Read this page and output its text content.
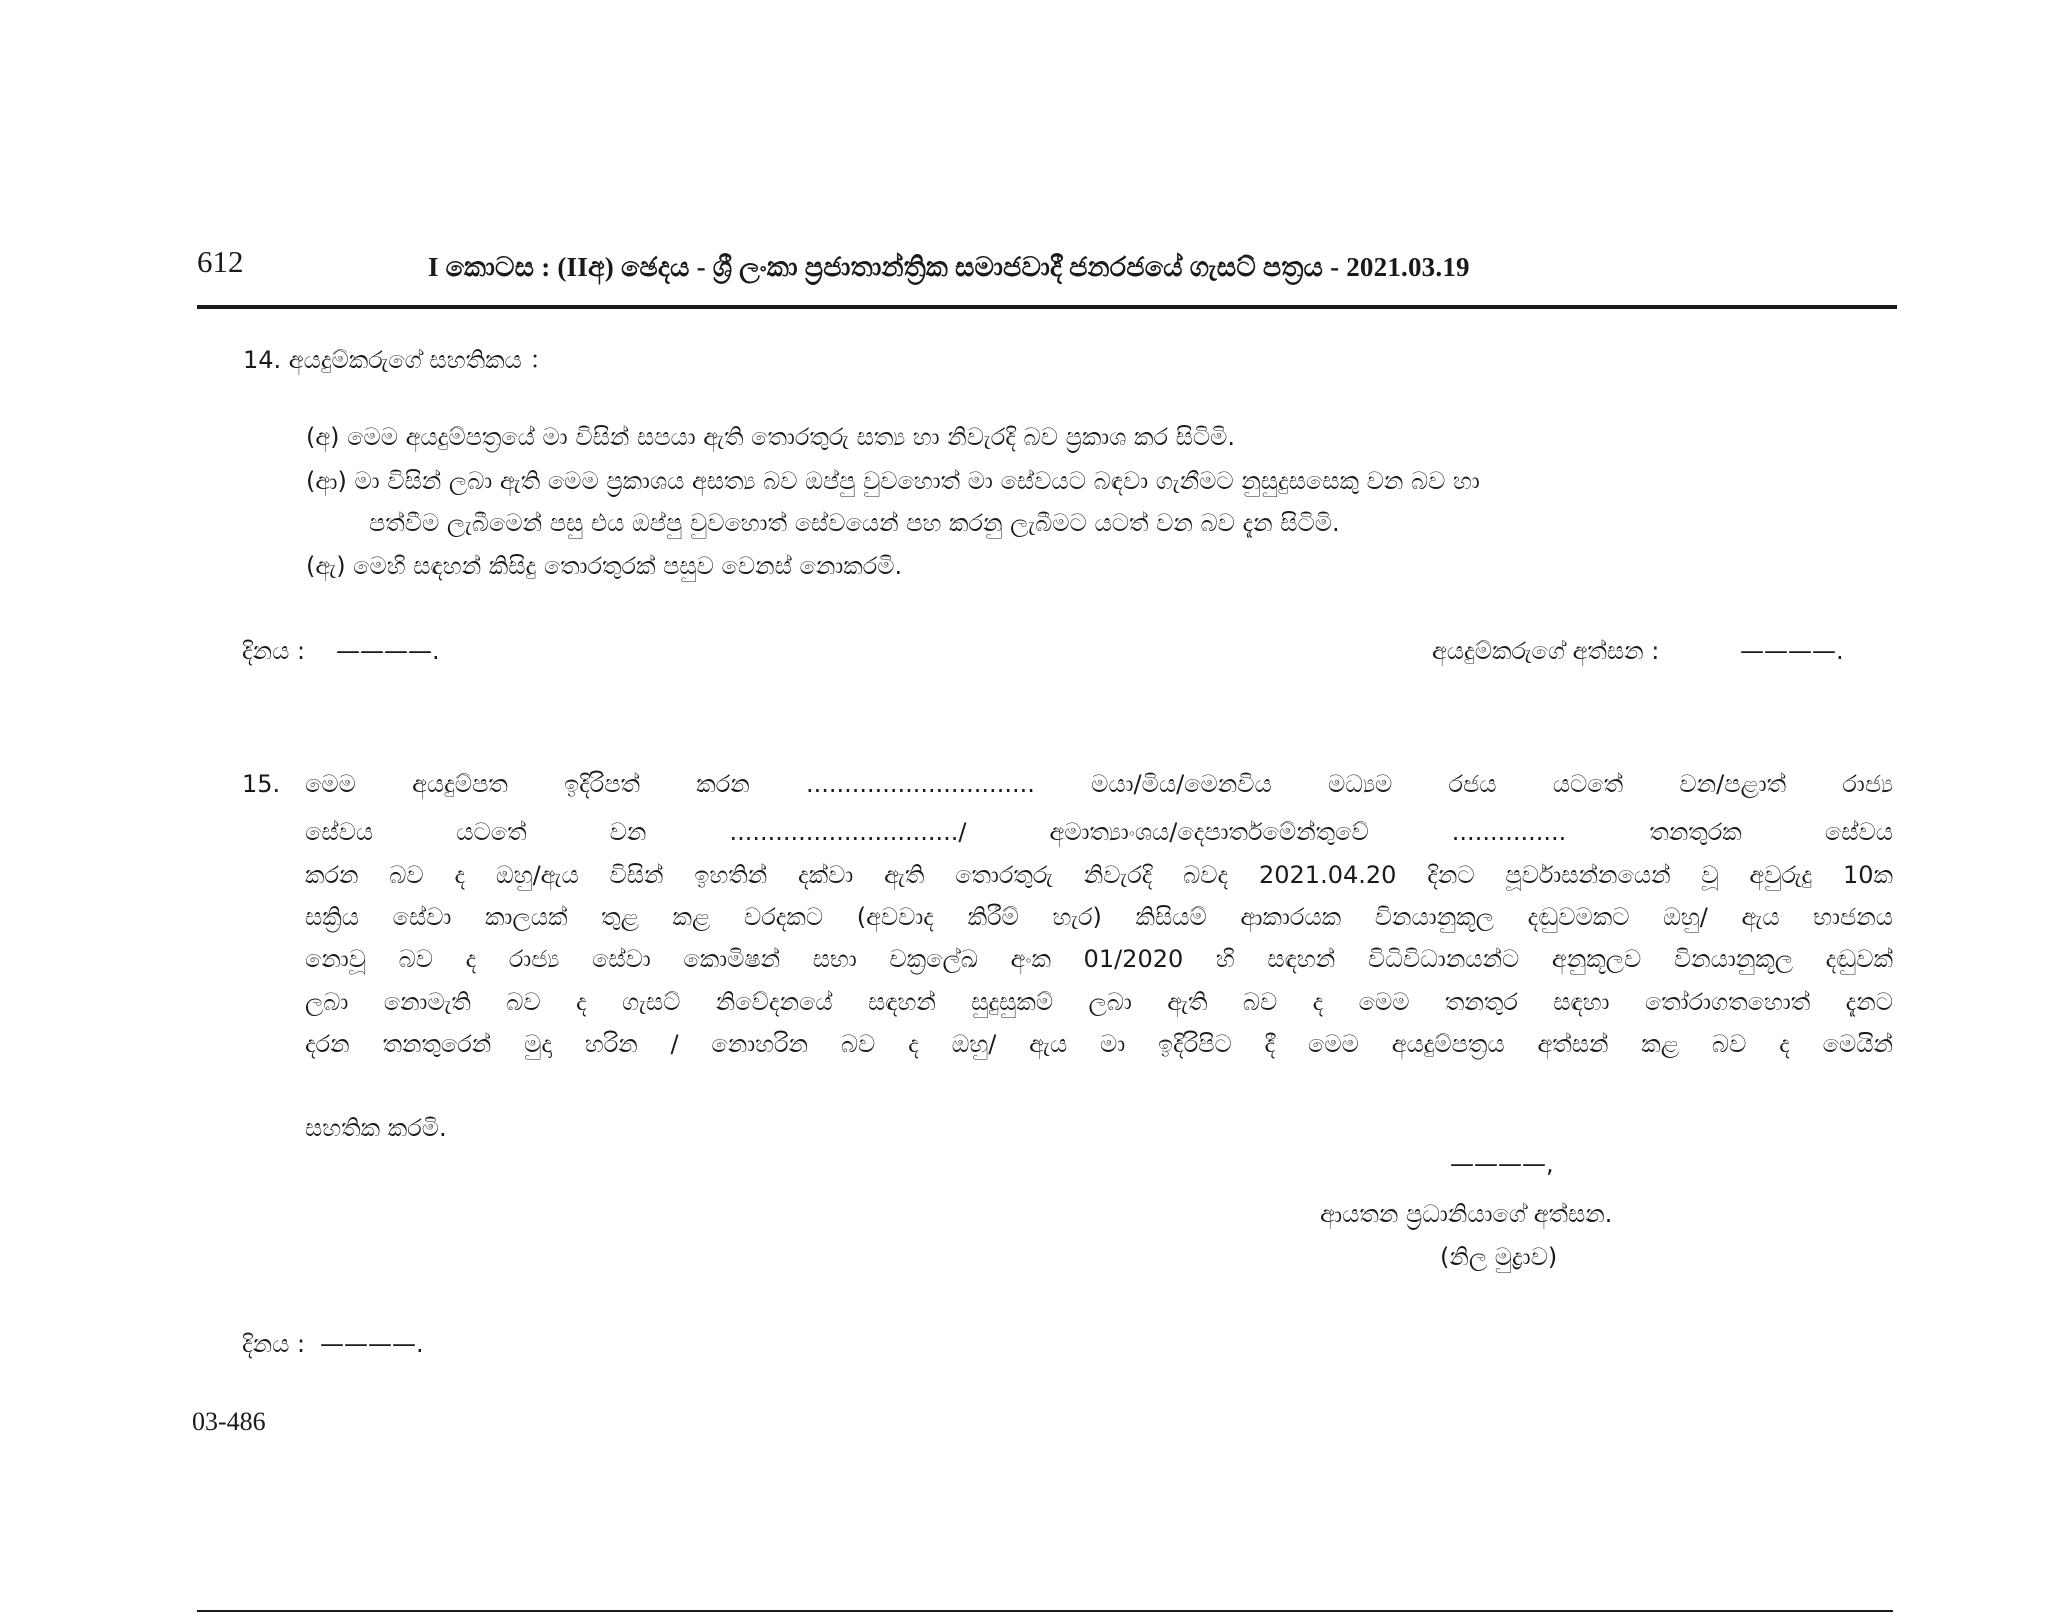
612	I කොටස : (IIඅ) ඡෙදය - ශ්‍රී ලංකා ප්‍රජාතාන්ත්‍රික සමාජවාදී ජනරජයේ ගැසට් පත්‍රය - 2021.03.19
14. අයදුම්කරුගේ සහතිකය ：
(අ) මෙම අයදුම්පත්‍රයේ මා විසින් සපයා ඇති තොරතුරු සත්‍ය හා නිවැරදි බව ප්‍රකාශ කර සිටිමි.
(ආ) මා විසින් ලබා ඇති මෙම ප්‍රකාශය අසත්‍ය බව ඔප්පු වුවහොත් මා සේවයට බඳවා ගැනීමට නුසුදුසසෙකු වන බව හා
පත්වීම ලැබීමෙන් පසු එය ඔප්පු වුවහොත් සේවයෙන් පහ කරනු ලැබීමට යටත් වන බව දැන සිටිමි.
(ඇ) මෙහි සඳහන් කිසිදු තොරතුරක් පසුව වෙනස් නොකරමි.
දිනය : ————.	අයදුම්කරුගේ අත්සන :	————.
15. මෙම අයදුම්පත ඉදිරිපත් කරන .............................. මයා/මිය/මෙනවිය මධ්‍යම රජය යටතේ වන/පළාත් රාජ්‍ය
සේවය යටතේ වන ............................../ අමාත්‍යාංශය/දෙපාර්තමේන්තුවේ ............... තනතුරක සේවය
කරන බව ද ඔහු/ඇය විසින් ඉහතින් දක්වා ඇති තොරතුරු නිවැරදි බවද 2021.04.20 දිනට පූර්වාසන්නයෙන් වූ අවුරුදු 10ක
සක්‍රිය සේවා කාලයක් තුළ කළ වරදකට (අවවාද කිරීම් හැර) කිසියම් ආකාරයක විනයානුකූල දඬුවමකට ඔහු/ ඇය භාජනය
නොවූ බව ද රාජ්‍ය සේවා කොමිෂන් සභා චක්‍රලේඛ අංක 01/2020 හි සඳහන් විධිවිධානයන්ට අනුකූලව විනයානුකූල දඬුවක්
ලබා නොමැති බව ද ගැසට් නිවේදනයේ සඳහන් සුදුසුකම් ලබා ඇති බව ද මෙම තනතුර සඳහා තෝරාගතහොත් දැනට
දරන තනතුරෙන් මුදා හරින / නොහරින බව ද ඔහු/ ඇය මා ඉදිරිපිට දී මෙම අයදුම්පත්‍රය අත්සන් කළ බව ද මෙයින්
සහතික කරමි.
————,
ආයතන ප්‍රධානියාගේ අත්සන.
(නිල මුද්‍රාව)
දිනය : ————.
03-486
